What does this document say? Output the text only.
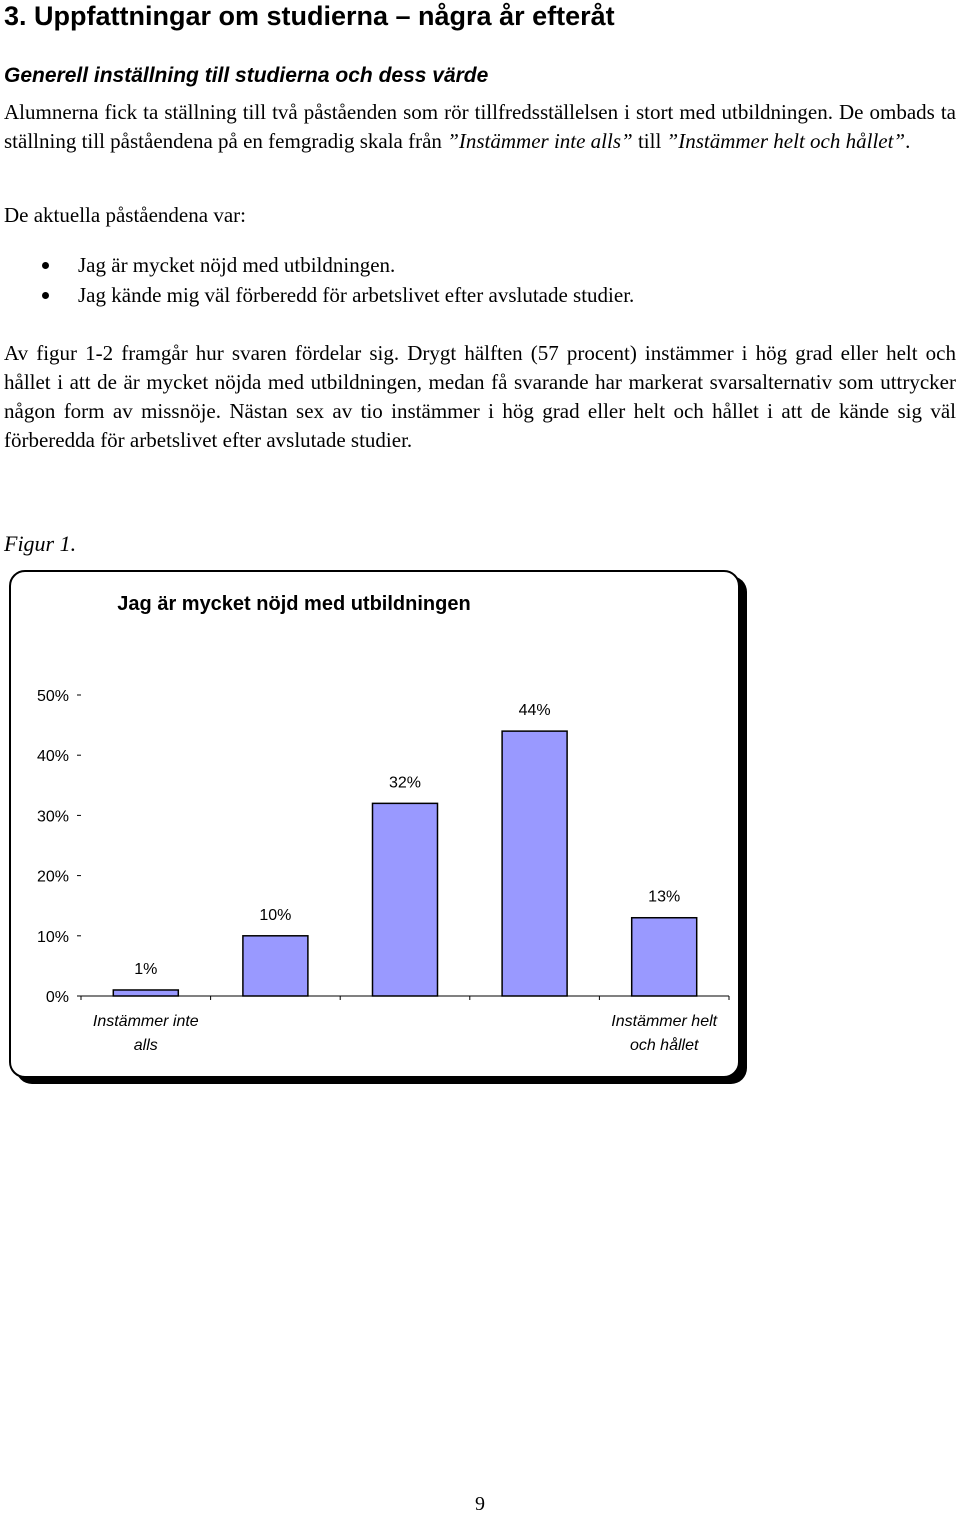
3. Uppfattningar om studierna – några år efteråt
Generell inställning till studierna och dess värde
Alumnerna fick ta ställning till två påståenden som rör tillfredsställelsen i stort med utbildningen. De ombads ta ställning till påståendena på en femgradig skala från ”Instämmer inte alls” till ”Instämmer helt och hållet”.
De aktuella påståendena var:
Jag är mycket nöjd med utbildningen.
Jag kände mig väl förberedd för arbetslivet efter avslutade studier.
Av figur 1-2 framgår hur svaren fördelar sig. Drygt hälften (57 procent) instämmer i hög grad eller helt och hållet i att de är mycket nöjda med utbildningen, medan få svarande har markerat svarsalternativ som uttrycker någon form av missnöje. Nästan sex av tio instämmer i hög grad eller helt och hållet i att de kände sig väl förberedda för arbetslivet efter avslutade studier.
Figur 1.
Jag är mycket nöjd med utbildningen
0%
10%
20%
30%
40%
50%
1%
Instämmer inte
alls
10%
32%
44%
13%
Instämmer helt
och hållet
9
